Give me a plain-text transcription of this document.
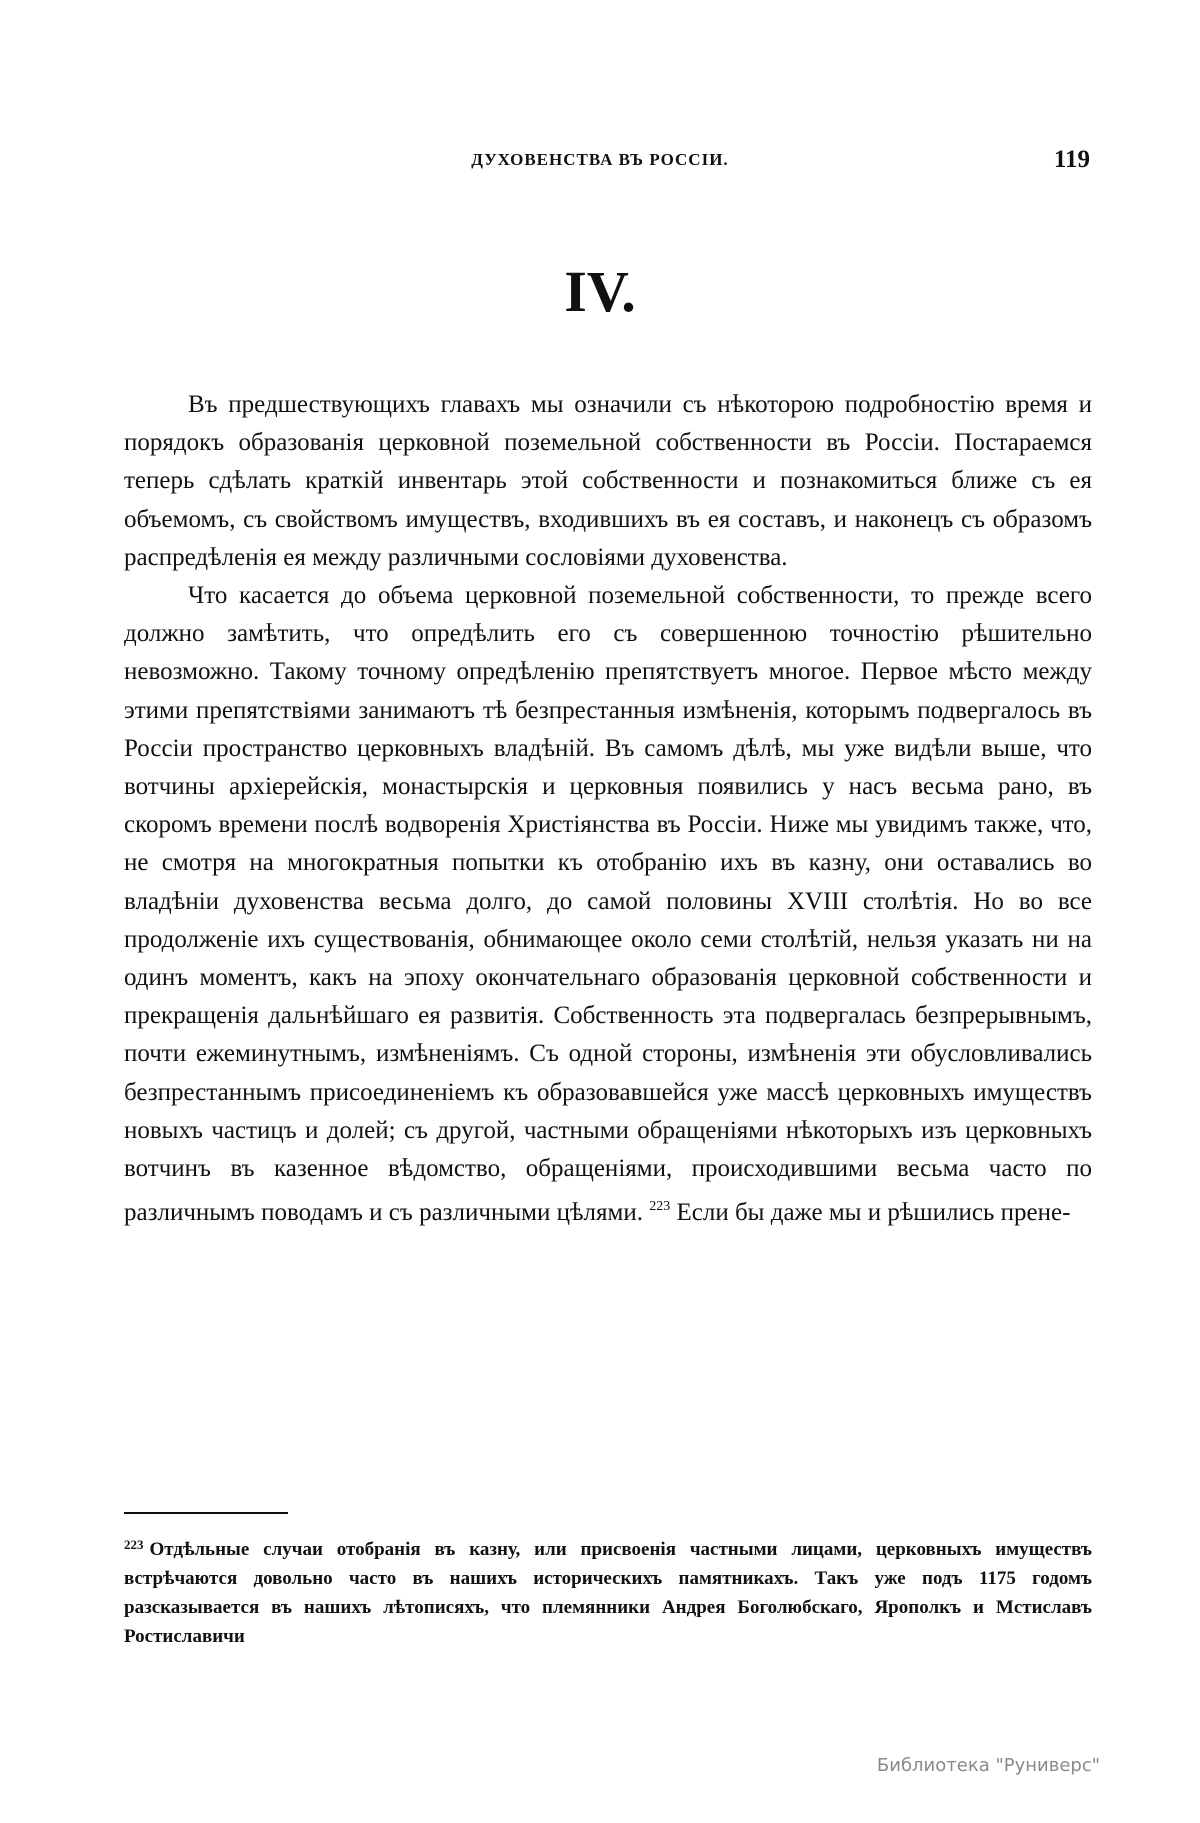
ДУХОВЕНСТВА ВЪ РОССІИ.	119
IV.

Въ предшествующихъ главахъ мы означили съ нѣкоторою подробностію время и порядокъ образованія церковной поземельной собственности въ Россіи. Постараемся теперь сдѣлать краткій инвентарь этой собственности и познакомиться ближе съ ея объемомъ, съ свойствомъ имуществъ, входившихъ въ ея составъ, и наконецъ съ образомъ распредѣленія ея между различными сословіями духовенства.

Что касается до объема церковной поземельной собственности, то прежде всего должно замѣтить, что опредѣлить его съ совершенною точностію рѣшительно невозможно. Такому точному опредѣленію препятствуетъ многое. Первое мѣсто между этими препятствіями занимаютъ тѣ безпрестанныя измѣненія, которымъ подвергалось въ Россіи пространство церковныхъ владѣній. Въ самомъ дѣлѣ, мы уже видѣли выше, что вотчины архіерейскія, монастырскія и церковныя появились у насъ весьма рано, въ скоромъ времени послѣ водворенія Христіянства въ Россіи. Ниже мы увидимъ также, что, не смотря на многократныя попытки къ отобранію ихъ въ казну, они оставались во владѣніи духовенства весьма долго, до самой половины XVIII столѣтія. Но во все продолженіе ихъ существованія, обнимающее около семи столѣтій, нельзя указать ни на одинъ моментъ, какъ на эпоху окончательнаго образованія церковной собственности и прекращенія дальнѣйшаго ея развитія. Собственность эта подвергалась безпрерывнымъ, почти ежеминутнымъ, измѣненіямъ. Съ одной стороны, измѣненія эти обусловливались безпрестаннымъ присоединеніемъ къ образовавшейся уже массѣ церковныхъ имуществъ новыхъ частицъ и долей; съ другой, частными обращеніями нѣкоторыхъ изъ церковныхъ вотчинъ въ казенное вѣдомство, обращеніями, происходившими весьма часто по различнымъ поводамъ и съ различными цѣлями. $^{223}$ Если бы даже мы и рѣшились пренe-

$^{223}$ Отдѣльные случаи отобранія въ казну, или присвоенія частными лицами, церковныхъ имуществъ встрѣчаются довольно часто въ нашихъ историческихъ памятникахъ. Такъ уже подъ 1175 годомъ разсказывается въ нашихъ лѣтописяхъ, что племянники Андрея Боголюбскаго, Ярополкъ и Мстиславъ Ростиславичи
Библиотека "Руниверс"
